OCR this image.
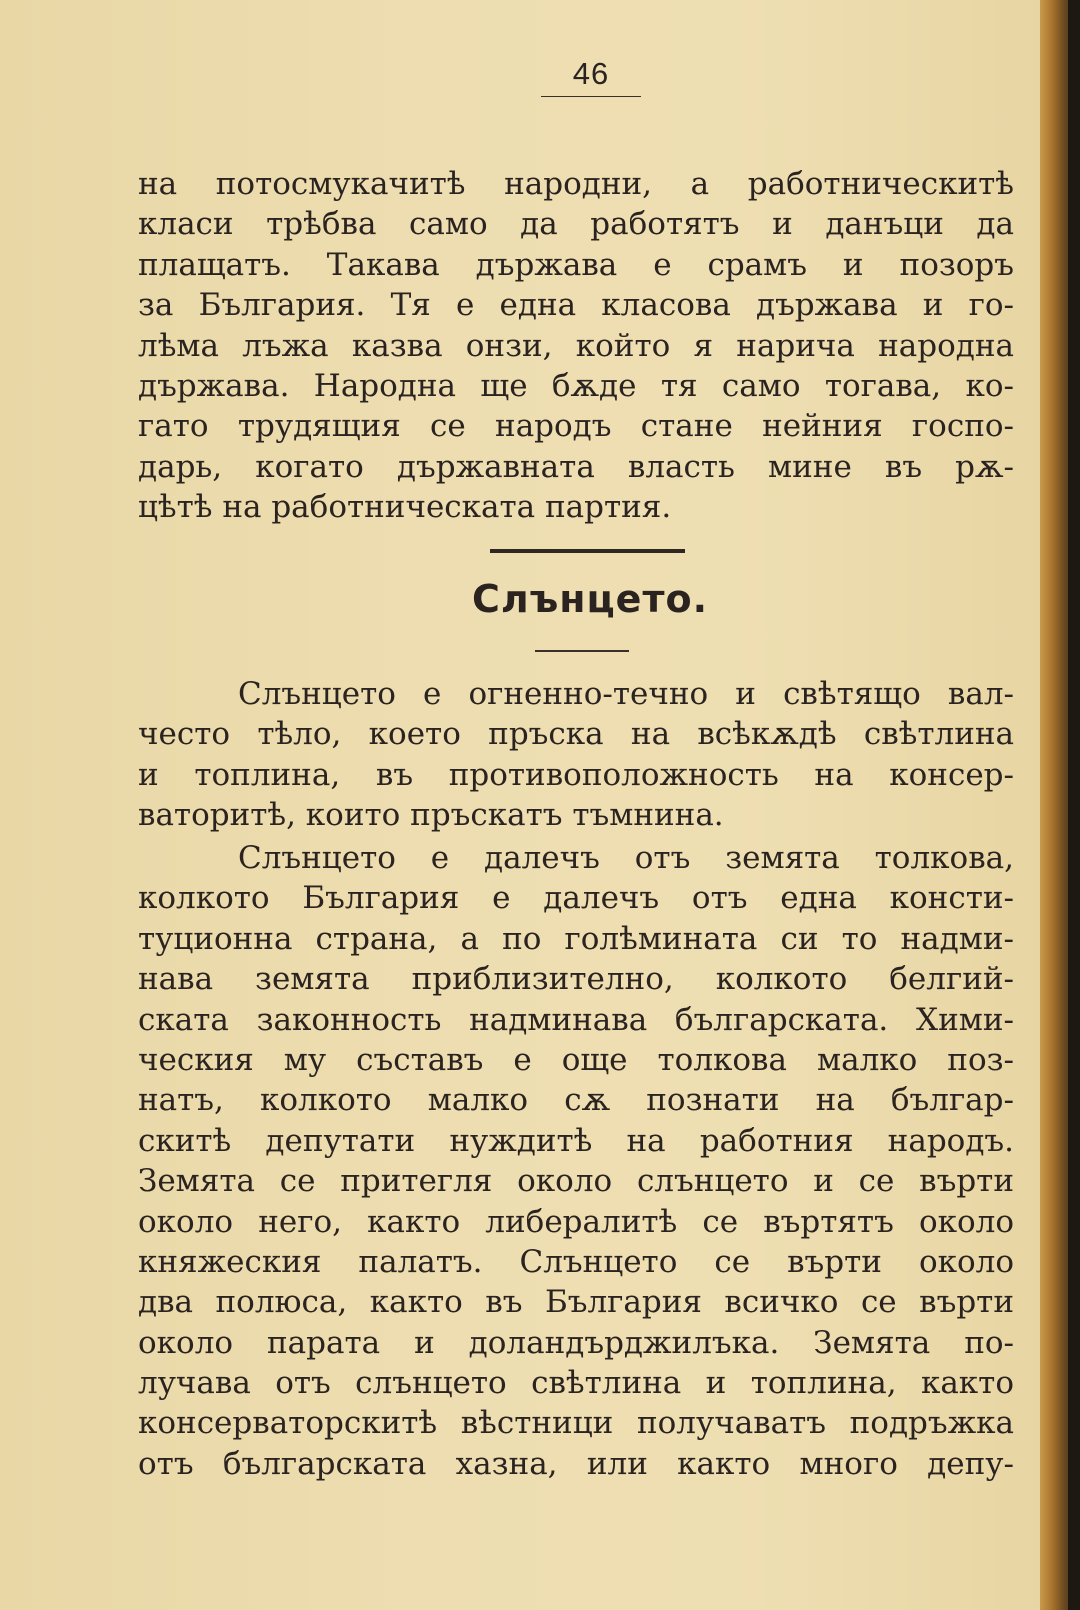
46
на потосмукачитѣ народни, а работническитѣ
класи трѣбва само да работятъ и данъци да
плащатъ. Такава държава е срамъ и позоръ
за България. Тя е една класова държава и го-
лѣма лъжа казва онзи, който я нарича народна
държава. Народна ще бѫде тя само тогава, ко-
гато трудящия се народъ стане нейния госпо-
дарь, когато държавната власть мине въ рѫ-
цѣтѣ на работническата партия.
Слънцето.
Слънцето е огненно-течно и свѣтящо вал-
често тѣло, което пръска на всѣкѫдѣ свѣтлина
и топлина, въ противоположность на консер-
ваторитѣ, които пръскатъ тъмнина.
Слънцето е далечъ отъ земята толкова,
колкото България е далечъ отъ една консти-
туционна страна, а по голѣмината си то надми-
нава земята приблизително, колкото белгий-
ската законность надминава българската. Хими-
ческия му съставъ е още толкова малко поз-
натъ, колкото малко сѫ познати на българ-
скитѣ депутати нуждитѣ на работния народъ.
Земята се притегля около слънцето и се върти
около него, както либералитѣ се въртятъ около
княжеския палатъ. Слънцето се върти около
два полюса, както въ България всичко се върти
около парата и доландърджилъка. Земята по-
лучава отъ слънцето свѣтлина и топлина, както
консерваторскитѣ вѣстници получаватъ подръжка
отъ българската хазна, или както много депу-
